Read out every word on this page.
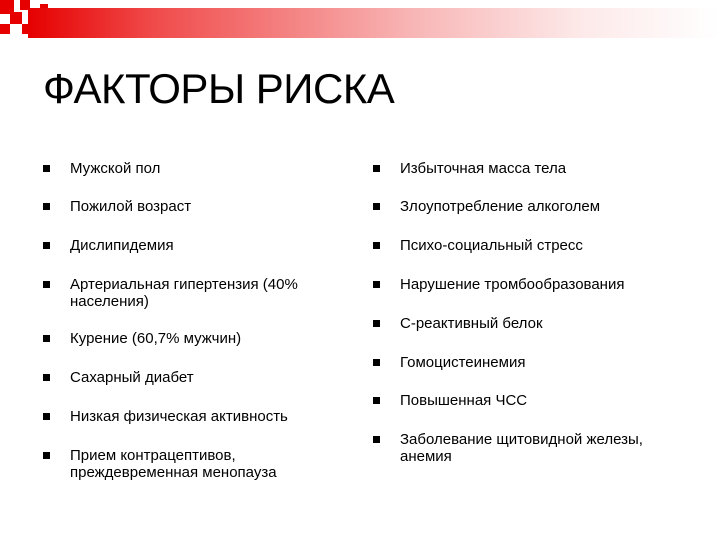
ФАКТОРЫ РИСКА
Мужской пол
Пожилой возраст
Дислипидемия
Артериальная гипертензия (40%
населения)
Курение (60,7% мужчин)
Сахарный диабет
Низкая физическая активность
Прием контрацептивов,
преждевременная менопауза
Избыточная масса тела
Злоупотребление алкоголем
Психо-социальный стресс
Нарушение тромбообразования
С-реактивный белок
Гомоцистеинемия
Повышенная ЧСС
Заболевание щитовидной железы,
анемия
